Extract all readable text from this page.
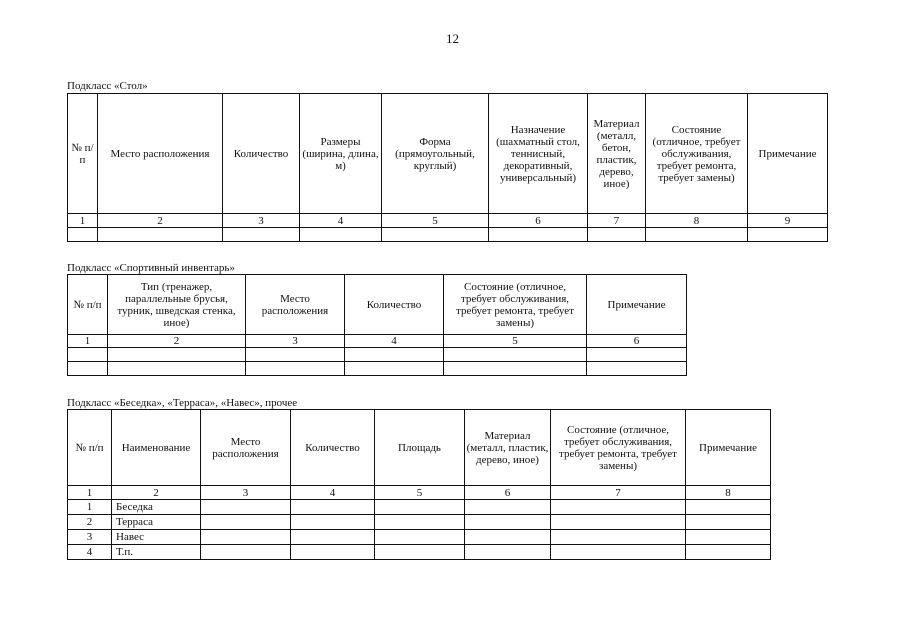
12
Подкласс «Стол»
№ п/п	Место расположения	Количество	Размеры (ширина, длина, м)	Форма (прямоугольный, круглый)	Назначение (шахматный стол, теннисный, декоративный, универсальный)	Материал (металл, бетон, пластик, дерево, иное)	Состояние (отличное, требует обслуживания, требует ремонта, требует замены)	Примечание
1	2	3	4	5	6	7	8	9

Подкласс «Спортивный инвентарь»
№ п/п	Тип (тренажер, параллельные брусья, турник, шведская стенка, иное)	Место расположения	Количество	Состояние (отличное, требует обслуживания, требует ремонта, требует замены)	Примечание
1	2	3	4	5	6

Подкласс «Беседка», «Терраса», «Навес», прочее
№ п/п	Наименование	Место расположения	Количество	Площадь	Материал (металл, пластик, дерево, иное)	Состояние (отличное, требует обслуживания, требует ремонта, требует замены)	Примечание
1	2	3	4	5	6	7	8
1	Беседка						
2	Терраса						
3	Навес						
4	Т.п.						
